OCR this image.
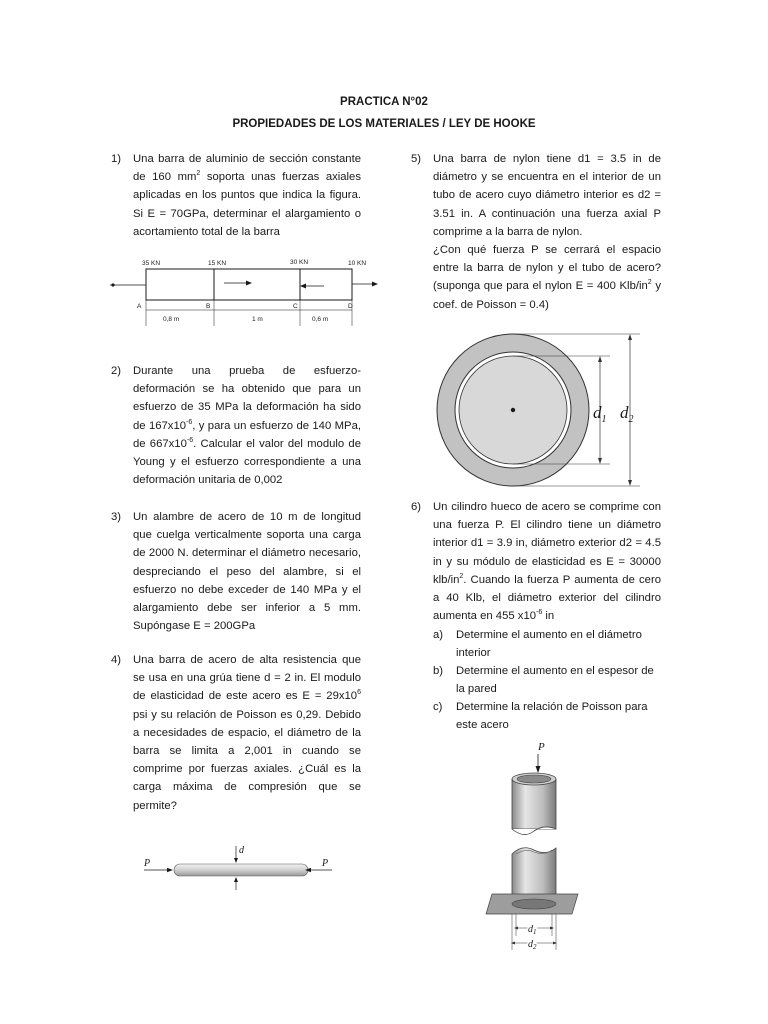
PRACTICA N°02
PROPIEDADES DE LOS MATERIALES / LEY DE HOOKE
1) Una barra de aluminio de sección constante de 160 $mm^2$ soporta unas fuerzas axiales aplicadas en los puntos que indica la figura. Si E = 70GPa, determinar el alargamiento o acortamiento total de la barra
35 KN	15 KN	30 KN	10 KN
A	B	C	D
0,8 m	1 m	0,6 m
2) Durante una prueba de esfuerzo-deformación se ha obtenido que para un esfuerzo de 35 MPa la deformación ha sido de $167x10^{-6}$, y para un esfuerzo de 140 MPa, de $667x10^{-6}$. Calcular el valor del modulo de Young y el esfuerzo correspondiente a una deformación unitaria de 0,002
3) Un alambre de acero de 10 m de longitud que cuelga verticalmente soporta una carga de 2000 N. determinar el diámetro necesario, despreciando el peso del alambre, si el esfuerzo no debe exceder de 140 MPa y el alargamiento debe ser inferior a 5 mm. Supóngase E = 200GPa
4) Una barra de acero de alta resistencia que se usa en una grúa tiene d = 2 in. El modulo de elasticidad de este acero es $E = 29x10^6$ psi y su relación de Poisson es 0,29. Debido a necesidades de espacio, el diámetro de la barra se limita a 2,001 in cuando se comprime por fuerzas axiales. ¿Cuál es la carga máxima de compresión que se permite?
P	P
d
5) Una barra de nylon tiene d1 = 3.5 in de diámetro y se encuentra en el interior de un tubo de acero cuyo diámetro interior es d2 = 3.51 in. A continuación una fuerza axial P comprime a la barra de nylon.
¿Con qué fuerza P se cerrará el espacio entre la barra de nylon y el tubo de acero? (suponga que para el nylon E = 400 Klb/$in^2$ y coef. de Poisson = 0.4)
$d_1$ $d_2$
6) Un cilindro hueco de acero se comprime con una fuerza P. El cilindro tiene un diámetro interior d1 = 3.9 in, diámetro exterior d2 = 4.5 in y su módulo de elasticidad es E = 30000 klb/$in^2$. Cuando la fuerza P aumenta de cero a 40 Klb, el diámetro exterior del cilindro aumenta en 455 $x10^{-6}$ in
a) Determine el aumento en el diámetro interior
b) Determine el aumento en el espesor de la pared
c) Determine la relación de Poisson para este acero
P
$d_1$
$d_2$
